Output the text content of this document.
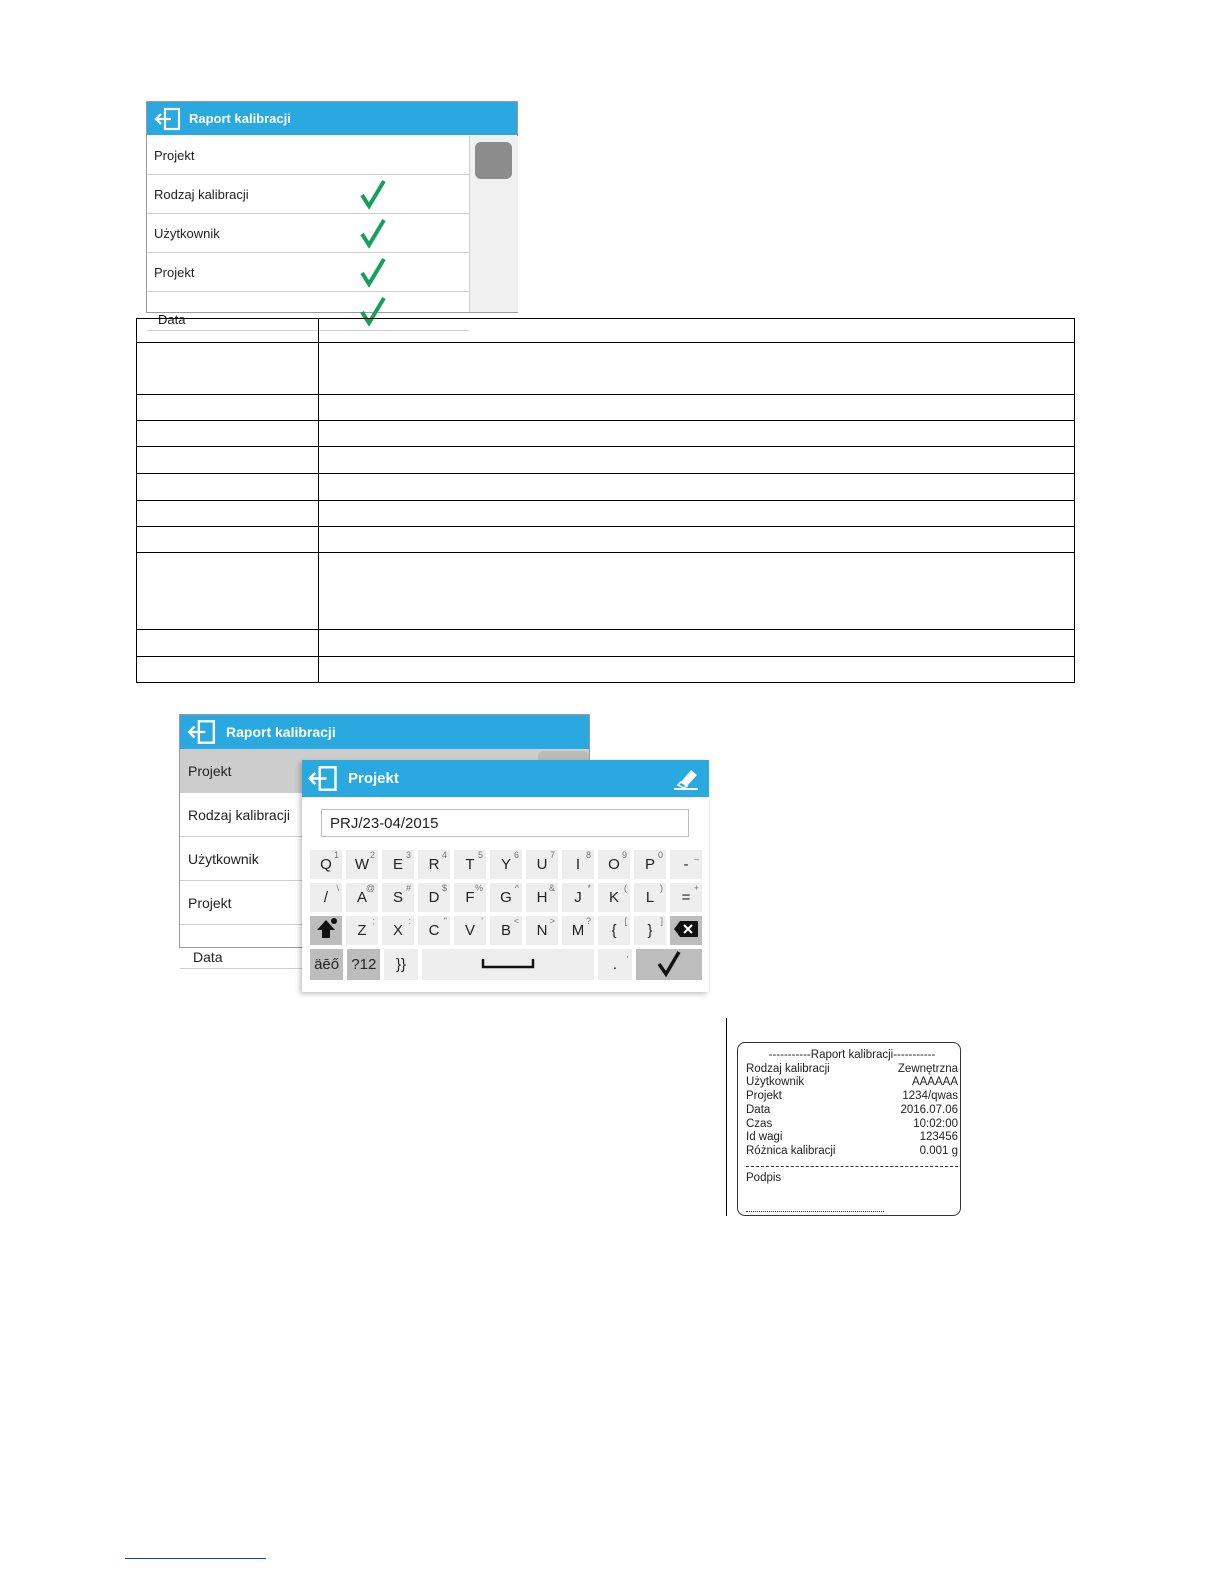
Raport kalibracji
Projekt
Rodzaj kalibracji
Użytkownik
Projekt
Data

Raport kalibracji
Projekt
Rodzaj kalibracji
Użytkownik
Projekt
Data
Projekt
PRJ/23-04/2015
Q
1
W
2
E
3
R
4
T
5
Y
6
U
7
I
8
O
9
P
0
-
_
/
\
A
@
S
#
D
$
F
%
G
^
H
&
J
*
K
(
L
)
=
+
Z
;
X
:
C
"
V
'
B
<
N
>
M
?
{
[
}
]
äēő ?12	}}	.
,
-----------Raport kalibracji-----------
Rodzaj kalibracji	Zewnętrzna
Użytkownik	AAAAAA
Projekt	1234/qwas
Data	2016.07.06
Czas	10:02:00
Id wagi	123456
Różnica kalibracji	0.001 g
Podpis
